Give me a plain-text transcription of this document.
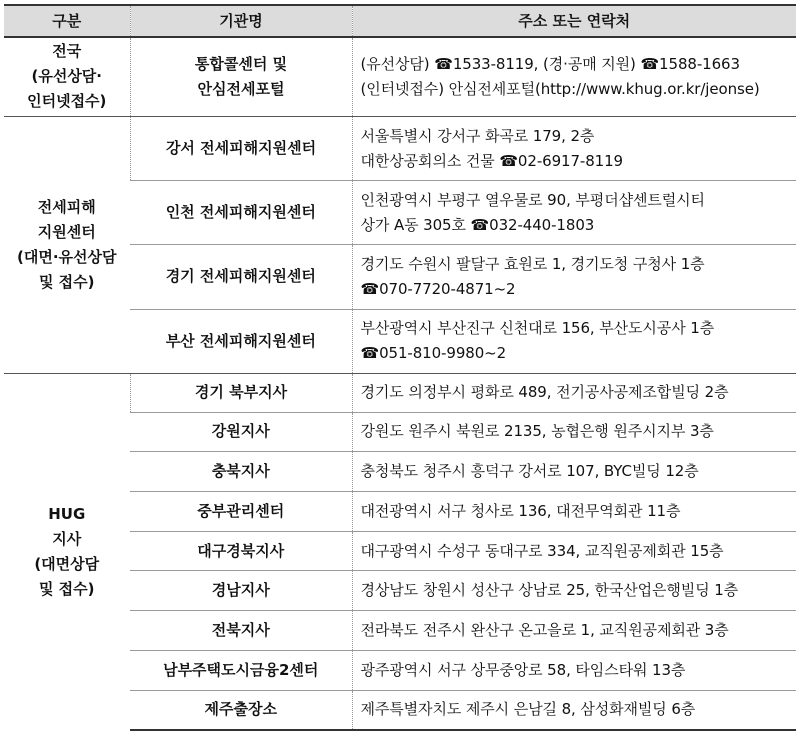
구분	기관명	주소 또는 연락처

전국
(유선상담·
인터넷접수)	통합콜센터 및
안심전세포털	(유선상담) ☎1533-8119, (경·공매 지원) ☎1588-1663
(인터넷접수) 안심전세포털(http://www.khug.or.kr/jeonse)

전세피해
지원센터
(대면·유선상담
및 접수)	강서 전세피해지원센터	서울특별시 강서구 화곡로 179, 2층
대한상공회의소 건물 ☎02-6917-8119

	인천 전세피해지원센터	인천광역시 부평구 열우물로 90, 부평더샵센트럴시티
상가 A동 305호 ☎032-440-1803

	경기 전세피해지원센터	경기도 수원시 팔달구 효원로 1, 경기도청 구청사 1층
☎070-7720-4871~2

	부산 전세피해지원센터	부산광역시 부산진구 신천대로 156, 부산도시공사 1층
☎051-810-9980~2

HUG
지사
(대면상담
및 접수)	경기 북부지사	경기도 의정부시 평화로 489, 전기공사공제조합빌딩 2층
	강원지사	강원도 원주시 북원로 2135, 농협은행 원주시지부 3층
	충북지사	충청북도 청주시 흥덕구 강서로 107, BYC빌딩 12층
	중부관리센터	대전광역시 서구 청사로 136, 대전무역회관 11층
	대구경북지사	대구광역시 수성구 동대구로 334, 교직원공제회관 15층
	경남지사	경상남도 창원시 성산구 상남로 25, 한국산업은행빌딩 1층
	전북지사	전라북도 전주시 완산구 온고을로 1, 교직원공제회관 3층
	남부주택도시금융2센터	광주광역시 서구 상무중앙로 58, 타임스타워 13층
	제주출장소	제주특별자치도 제주시 은남길 8, 삼성화재빌딩 6층
